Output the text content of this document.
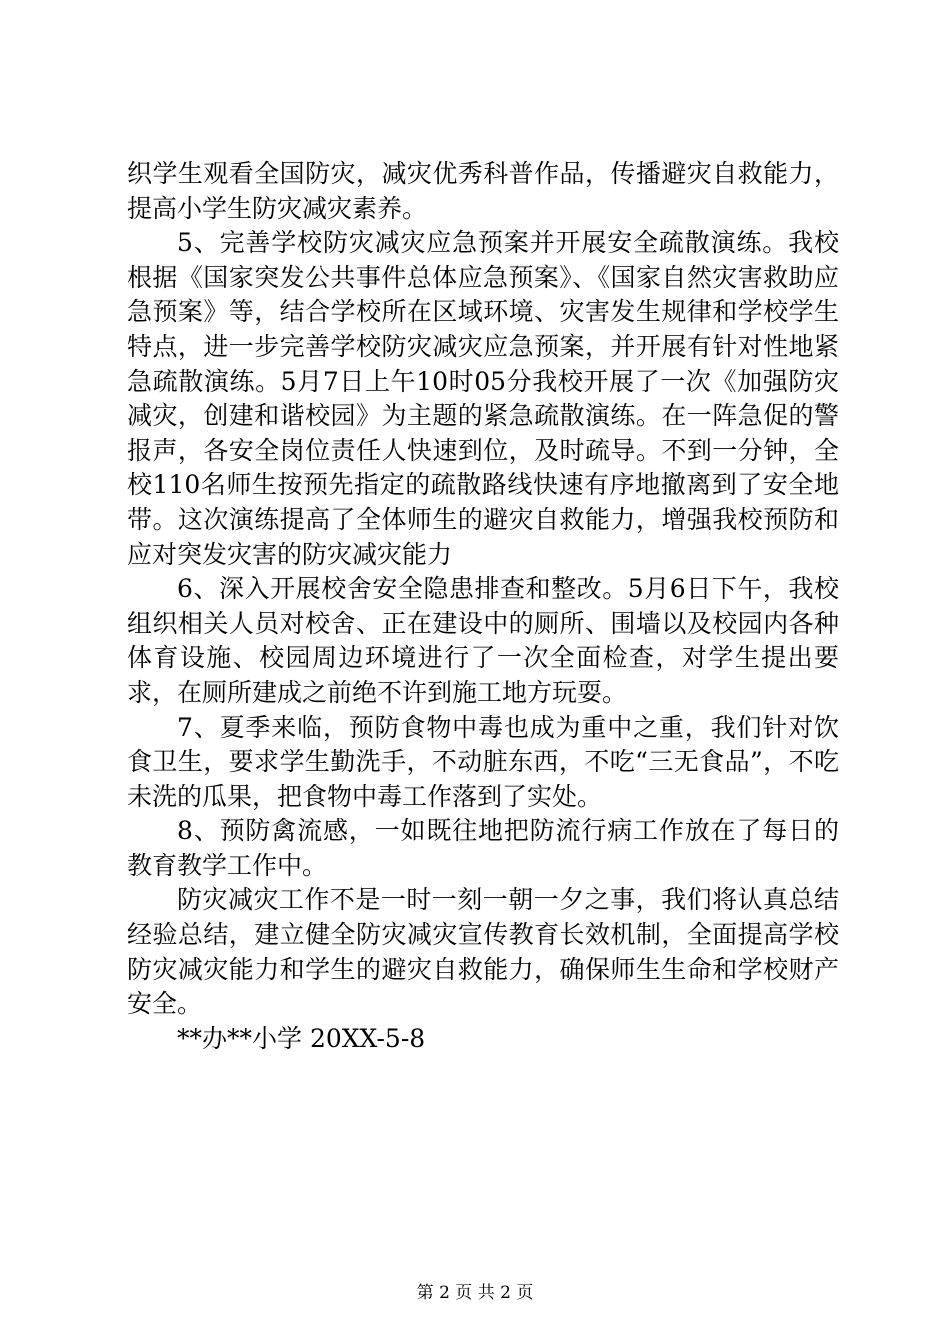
织学生观看全国防灾，减灾优秀科普作品，传播避灾自救能力，提高小学生防灾减灾素养。

5、完善学校防灾减灾应急预案并开展安全疏散演练。我校根据《国家突发公共事件总体应急预案》、《国家自然灾害救助应急预案》等，结合学校所在区域环境、灾害发生规律和学校学生特点，进一步完善学校防灾减灾应急预案，并开展有针对性地紧急疏散演练。5月7日上午10时05分我校开展了一次《加强防灾减灾，创建和谐校园》为主题的紧急疏散演练。在一阵急促的警报声，各安全岗位责任人快速到位，及时疏导。不到一分钟，全校110名师生按预先指定的疏散路线快速有序地撤离到了安全地带。这次演练提高了全体师生的避灾自救能力，增强我校预防和应对突发灾害的防灾减灾能力

6、深入开展校舍安全隐患排查和整改。5月6日下午，我校组织相关人员对校舍、正在建设中的厕所、围墙以及校园内各种体育设施、校园周边环境进行了一次全面检查，对学生提出要求，在厕所建成之前绝不许到施工地方玩耍。

7、夏季来临，预防食物中毒也成为重中之重，我们针对饮食卫生，要求学生勤洗手，不动脏东西，不吃“三无食品”，不吃未洗的瓜果，把食物中毒工作落到了实处。

8、预防禽流感，一如既往地把防流行病工作放在了每日的教育教学工作中。

防灾减灾工作不是一时一刻一朝一夕之事，我们将认真总结经验总结，建立健全防灾减灾宣传教育长效机制，全面提高学校防灾减灾能力和学生的避灾自救能力，确保师生生命和学校财产安全。

**办**小学 20XX-5-8

第 2 页 共 2 页
